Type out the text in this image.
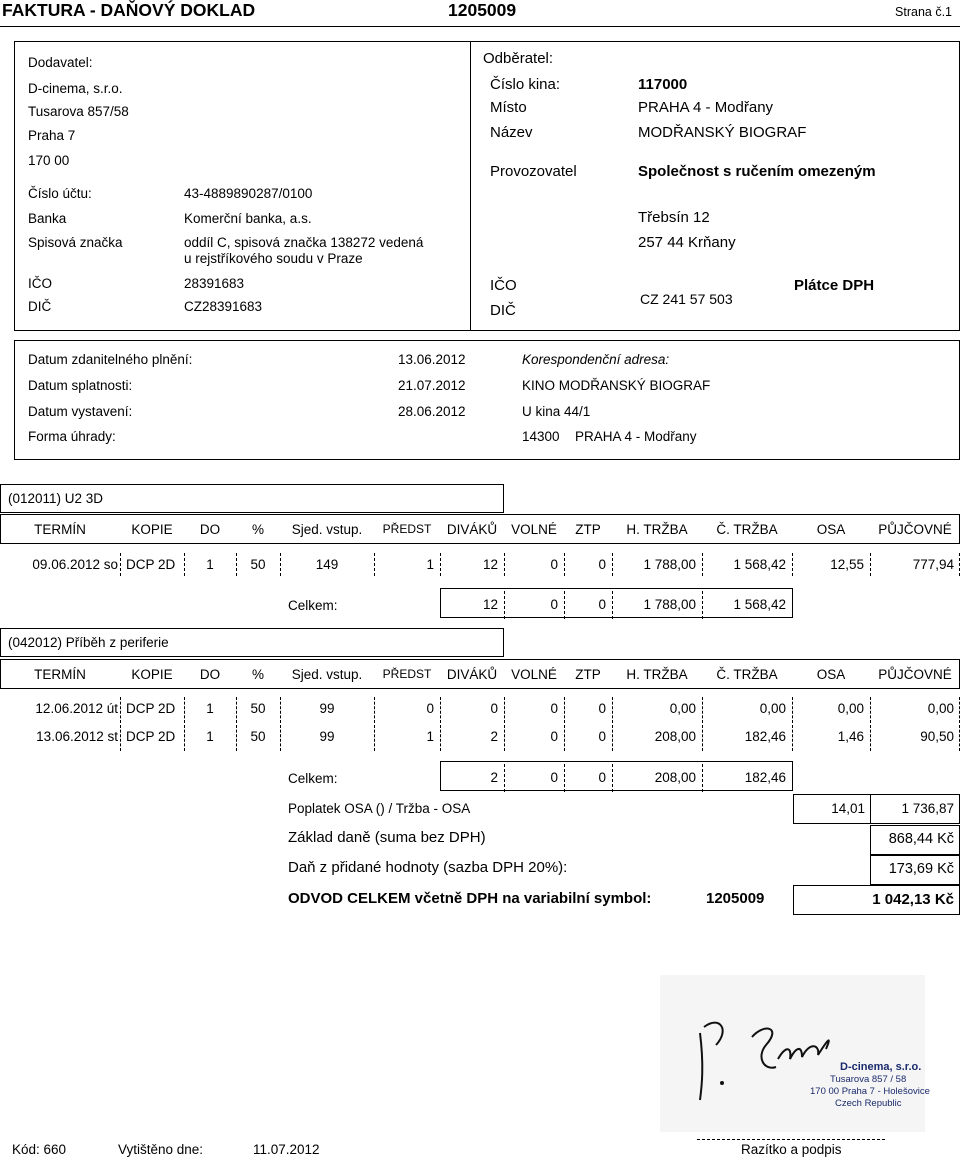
FAKTURA - DAŇOVÝ DOKLAD	1205009	Strana č.1
Dodavatel:
D-cinema, s.r.o.
Tusarova 857/58
Praha 7
170 00
Číslo účtu:	43-4889890287/0100
Banka	Komerční banka, a.s.
Spisová značka	oddíl C, spisová značka 138272 vedená
u rejstříkového soudu v Praze
IČO	28391683
DIČ	CZ28391683
Odběratel:
Číslo kina:	117000
Místo	PRAHA 4 - Modřany
Název	MODŘANSKÝ BIOGRAF
Provozovatel	Společnost s ručením omezeným
Třebsín 12
257 44 Krňany
IČO
DIČ
CZ 241 57 503
Plátce DPH
Datum zdanitelného plnění:	13.06.2012
Datum splatnosti:	21.07.2012
Datum vystavení:	28.06.2012
Forma úhrady:
Korespondenční adresa:
KINO MODŘANSKÝ BIOGRAF
U kina 44/1
14300 PRAHA 4 - Modřany
(012011) U2 3D
TERMÍN	KOPIE	DO	%	Sjed. vstup.	PŘEDST	DIVÁKŮ	VOLNÉ	ZTP	H. TRŽBA	Č. TRŽBA	OSA	PŮJČOVNÉ
09.06.2012 so DCP 2D	1	50	149	1	12	0	0	1 788,00	1 568,42	12,55	777,94
Celkem:	12	0	0	1 788,00	1 568,42
(042012) Příběh z periferie
TERMÍN	KOPIE	DO	%	Sjed. vstup.	PŘEDST	DIVÁKŮ	VOLNÉ	ZTP	H. TRŽBA	Č. TRŽBA	OSA	PŮJČOVNÉ
12.06.2012 út DCP 2D	1	50	99	0	0	0	0	0,00	0,00	0,00	0,00
13.06.2012 st DCP 2D	1	50	99	1	2	0	0	208,00	182,46	1,46	90,50
Celkem:	2	0	0	208,00	182,46
Poplatek OSA () / Tržba - OSA	14,01	1 736,87
Základ daně (suma bez DPH)	868,44 Kč
Daň z přidané hodnoty (sazba DPH 20%):	173,69 Kč
ODVOD CELKEM včetně DPH na variabilní symbol:	1205009	1 042,13 Kč
D-cinema, s.r.o.
Tusarova 857 / 58
170 00 Praha 7 - Holešovice
Czech Republic
Kód: 660	Vytištěno dne:	11.07.2012	Razítko a podpis
